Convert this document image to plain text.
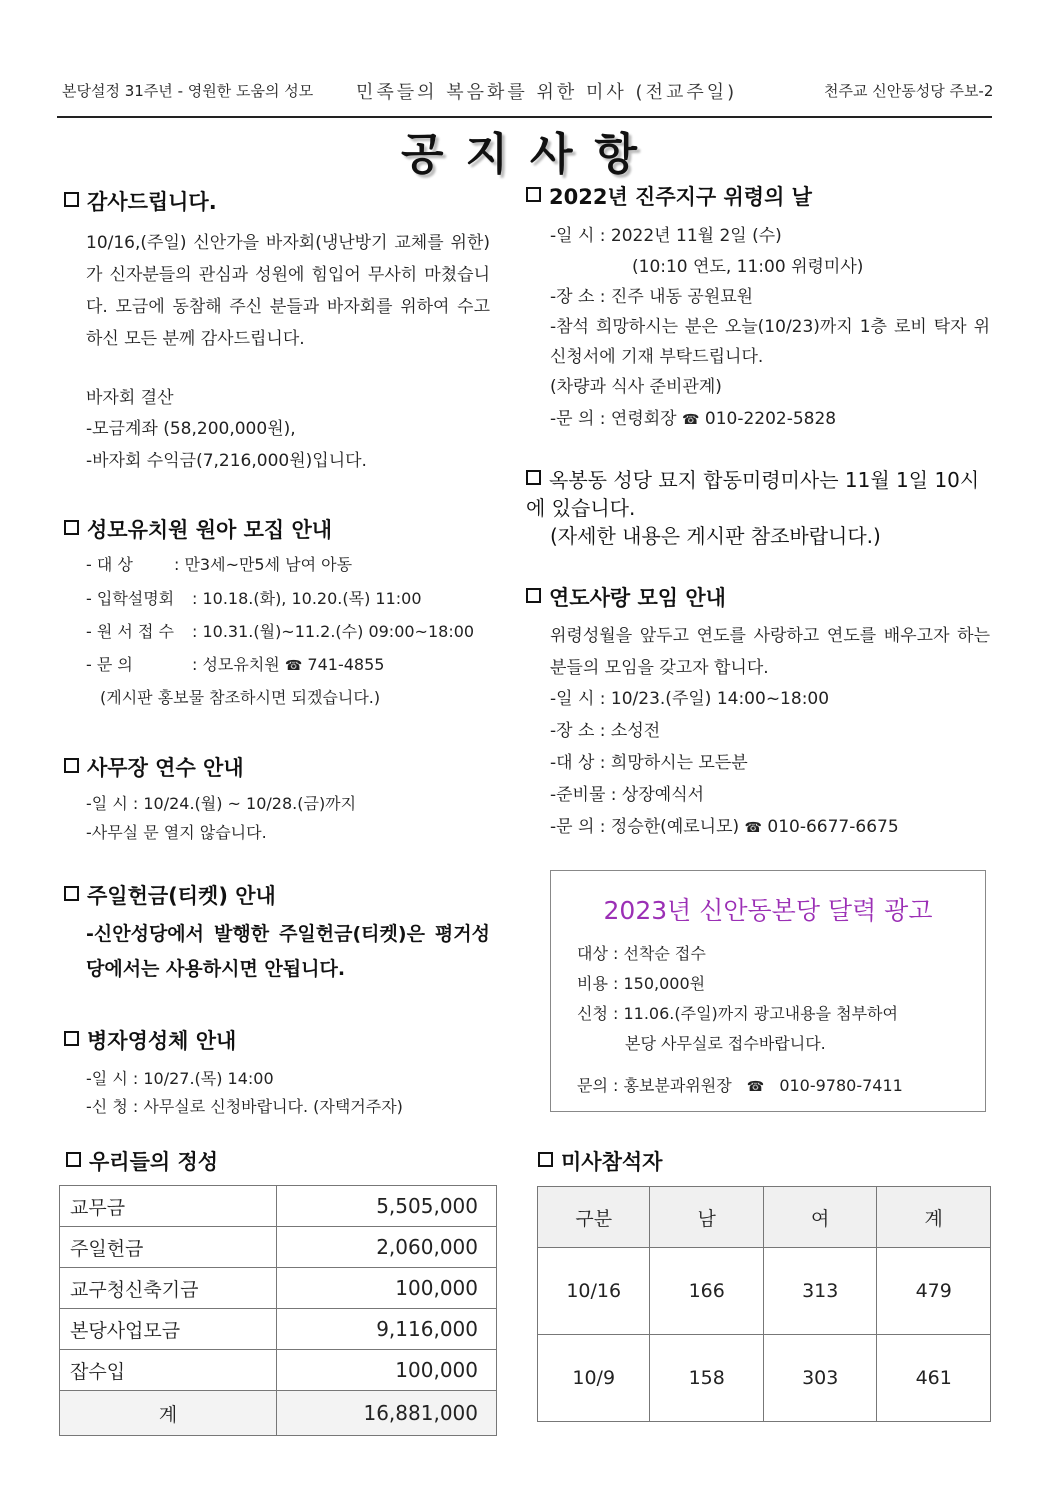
본당설정 31주년 - 영원한 도움의 성모 민족들의 복음화를 위한 미사 (전교주일)	천주교 신안동성당 주보-2
공지사항
감사드립니다.
10/16,(주일) 신안가을 바자회(냉난방기 교체를 위한)가 신자분들의 관심과 성원에 힘입어 무사히 마쳤습니다. 모금에 동참해 주신 분들과 바자회를 위하여 수고하신 모든 분께 감사드립니다.
바자회 결산
-모금계좌 (58,200,000원),
-바자회 수익금(7,216,000원)입니다.
성모유치원 원아 모집 안내
- 대 상	: 만3세~만5세 남여 아동
- 입학설명회 : 10.18.(화), 10.20.(목) 11:00
- 원 서 접 수 : 10.31.(월)~11.2.(수) 09:00~18:00
- 문 의	: 성모유치원 ☎ 741-4855
(게시판 홍보물 참조하시면 되겠습니다.)
사무장 연수 안내
-일 시 : 10/24.(월) ~ 10/28.(금)까지
-사무실 문 열지 않습니다.
주일헌금(티켓) 안내
-신안성당에서 발행한 주일헌금(티켓)은 평거성당에서는 사용하시면 안됩니다.
병자영성체 안내
-일 시 : 10/27.(목) 14:00
-신 청 : 사무실로 신청바랍니다. (자택거주자)
2022년 진주지구 위령의 날
-일 시 : 2022년 11월 2일 (수)
(10:10 연도, 11:00 위령미사)
-장 소 : 진주 내동 공원묘원
-참석 희망하시는 분은 오늘(10/23)까지 1층 로비 탁자 위 신청서에 기재 부탁드립니다.
(차량과 식사 준비관계)
-문 의 : 연령회장 ☎ 010-2202-5828
옥봉동 성당 묘지 합동미령미사는 11월 1일 10시에 있습니다.
(자세한 내용은 게시판 참조바랍니다.)
연도사랑 모임 안내
위령성월을 앞두고 연도를 사랑하고 연도를 배우고자 하는 분들의 모임을 갖고자 합니다.
-일 시 : 10/23.(주일) 14:00~18:00
-장 소 : 소성전
-대 상 : 희망하시는 모든분
-준비물 : 상장예식서
-문 의 : 정승한(예로니모) ☎ 010-6677-6675
2023년 신안동본당 달력 광고
대상 : 선착순 접수
비용 : 150,000원
신청 : 11.06.(주일)까지 광고내용을 첨부하여
본당 사무실로 접수바랍니다.
문의 : 홍보분과위원장 ☎ 010-9780-7411
우리들의 정성
교무금	5,505,000
주일헌금	2,060,000
교구청신축기금	100,000
본당사업모금	9,116,000
잡수입	100,000
계	16,881,000
미사참석자
구분	남	여	계
10/16	166	313	479
10/9	158	303	461
